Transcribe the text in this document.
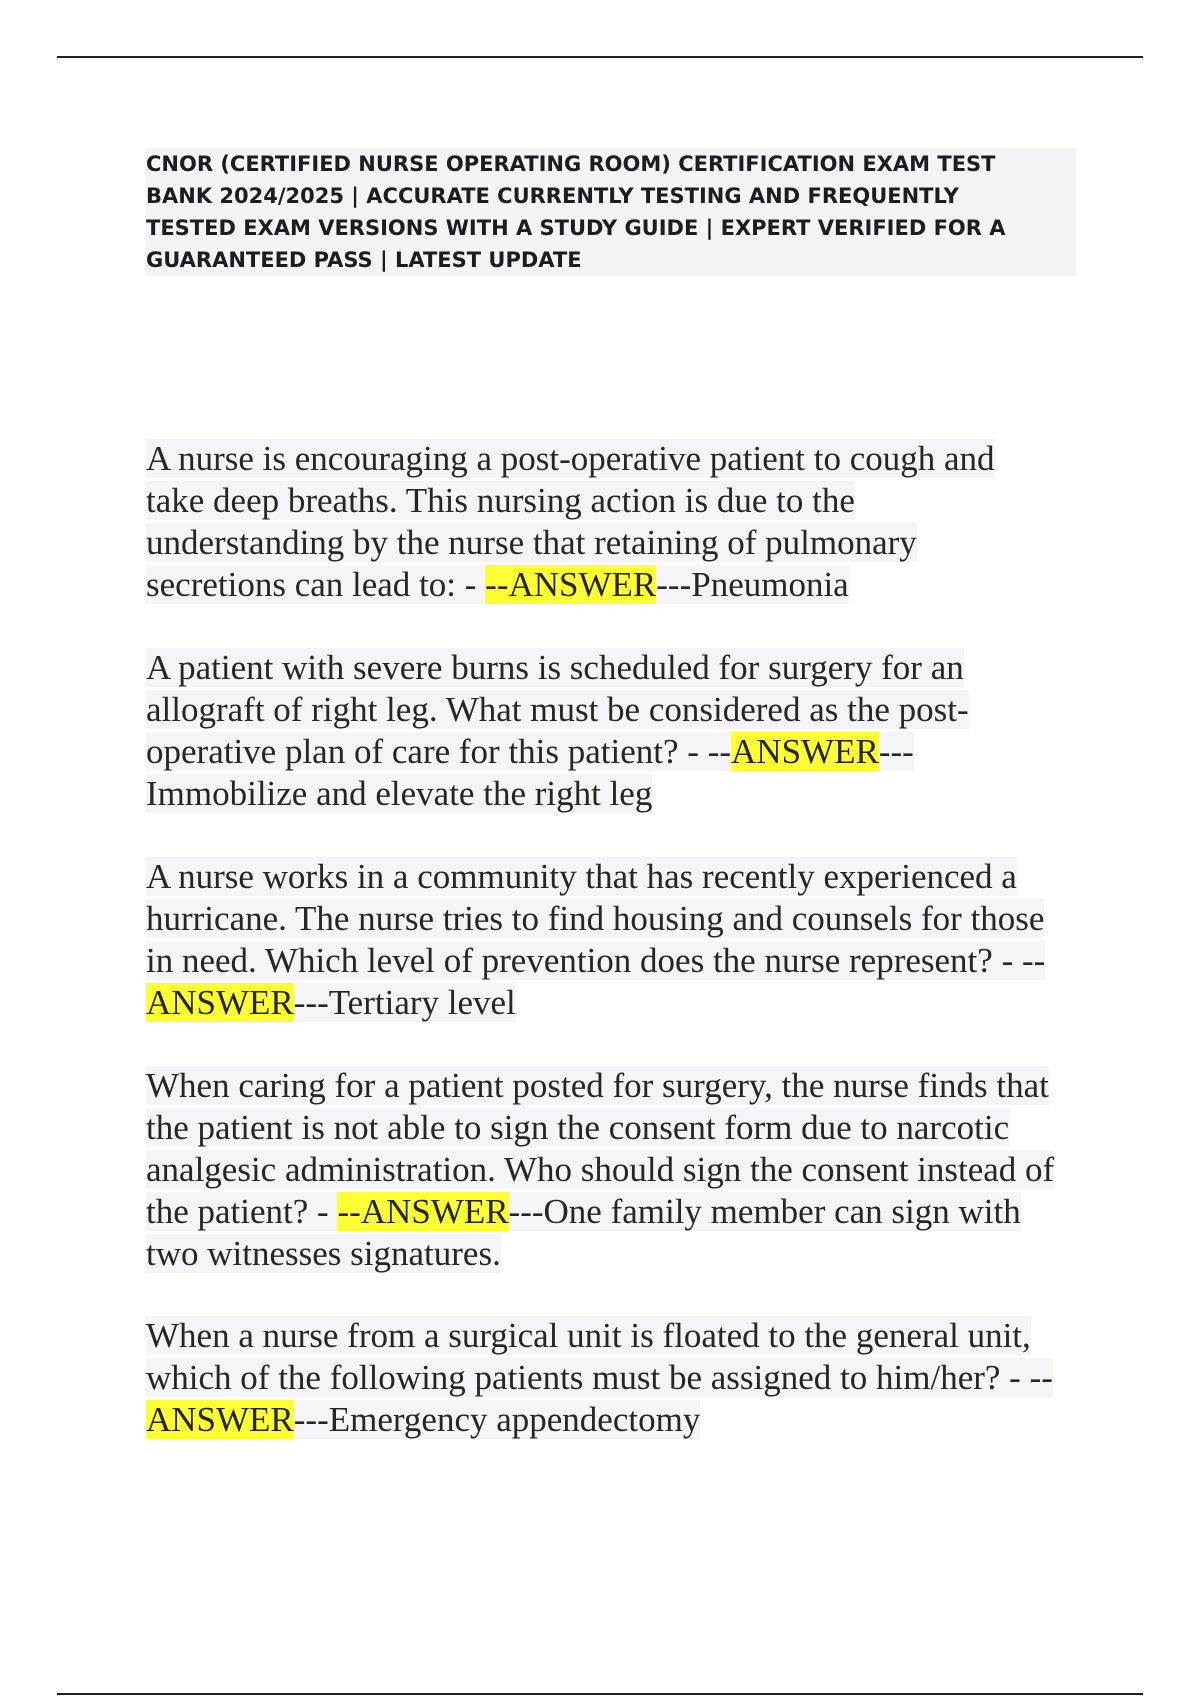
CNOR (CERTIFIED NURSE OPERATING ROOM) CERTIFICATION EXAM TEST
BANK 2024/2025 | ACCURATE CURRENTLY TESTING AND FREQUENTLY
TESTED EXAM VERSIONS WITH A STUDY GUIDE | EXPERT VERIFIED FOR A
GUARANTEED PASS | LATEST UPDATE
A nurse is encouraging a post-operative patient to cough and
take deep breaths. This nursing action is due to the
understanding by the nurse that retaining of pulmonary
secretions can lead to: - --ANSWER---Pneumonia
A patient with severe burns is scheduled for surgery for an
allograft of right leg. What must be considered as the post-
operative plan of care for this patient? - --ANSWER---
Immobilize and elevate the right leg
A nurse works in a community that has recently experienced a
hurricane. The nurse tries to find housing and counsels for those
in need. Which level of prevention does the nurse represent? - --
ANSWER---Tertiary level
When caring for a patient posted for surgery, the nurse finds that
the patient is not able to sign the consent form due to narcotic
analgesic administration. Who should sign the consent instead of
the patient? - --ANSWER---One family member can sign with
two witnesses signatures.
When a nurse from a surgical unit is floated to the general unit,
which of the following patients must be assigned to him/her? - --
ANSWER---Emergency appendectomy
